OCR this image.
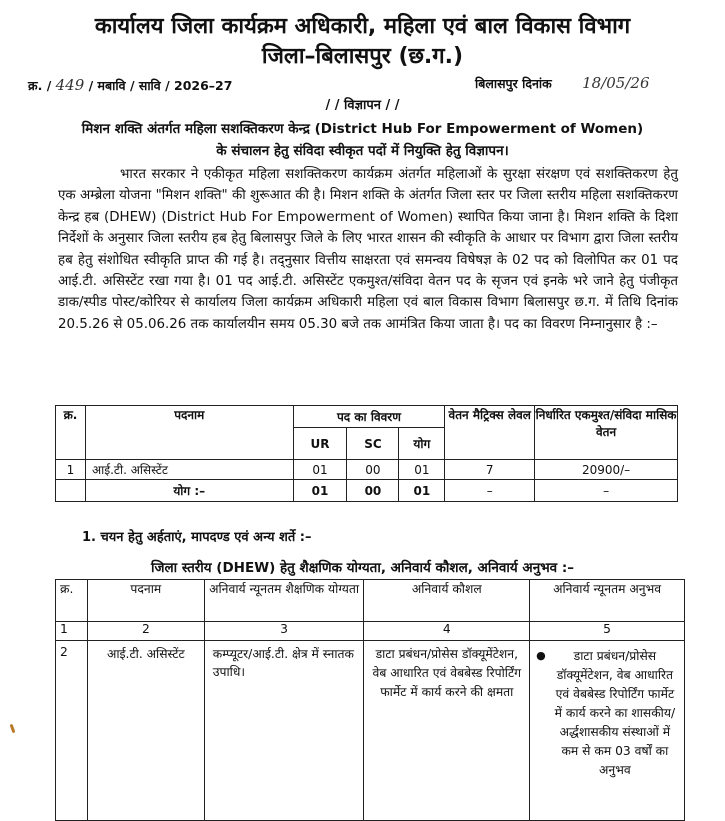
कार्यालय जिला कार्यक्रम अधिकारी, महिला एवं बाल विकास विभाग
जिला–बिलासपुर (छ.ग.)
क्र. / 449 / मबावि / सावि / 2026–27	बिलासपुर दिनांक 18/05/26
/ / विज्ञापन / /
मिशन शक्ति अंतर्गत महिला सशक्तिकरण केन्द्र (District Hub For Empowerment of Women)
के संचालन हेतु संविदा स्वीकृत पदों में नियुक्ति हेतु विज्ञापन।
भारत सरकार ने एकीकृत महिला सशक्तिकरण कार्यक्रम अंतर्गत महिलाओं के सुरक्षा संरक्षण एवं सशक्तिकरण हेतु एक अम्ब्रेला योजना "मिशन शक्ति" की शुरूआत की है। मिशन शक्ति के अंतर्गत जिला स्तर पर जिला स्तरीय महिला सशक्तिकरण केन्द्र हब (DHEW) (District Hub For Empowerment of Women) स्थापित किया जाना है। मिशन शक्ति के दिशा निर्देशों के अनुसार जिला स्तरीय हब हेतु बिलासपुर जिले के लिए भारत शासन की स्वीकृति के आधार पर विभाग द्वारा जिला स्तरीय हब हेतु संशोधित स्वीकृति प्राप्त की गई है। तद्नुसार वित्तीय साक्षरता एवं समन्वय विषेषज्ञ के 02 पद को विलोपित कर 01 पद आई.टी. असिस्टेंट रखा गया है। 01 पद आई.टी. असिस्टेंट एकमुश्त/संविदा वेतन पद के सृजन एवं इनके भरे जाने हेतु पंजीकृत डाक/स्पीड पोस्ट/कोरियर से कार्यालय जिला कार्यक्रम अधिकारी महिला एवं बाल विकास विभाग बिलासपुर छ.ग. में तिथि दिनांक 20.5.26 से 05.06.26 तक कार्यालयीन समय 05.30 बजे तक आमंत्रित किया जाता है। पद का विवरण निम्नानुसार है :–
क्र.	पदनाम	पद का विवरण			वेतन मैट्रिक्स लेवल	निर्धारित एकमुश्त/संविदा मासिक वेतन
		UR	SC	योग		
1	आई.टी. असिस्टेंट	01	00	01	7	20900/–
	योग :–	01	00	01	–	–
1. चयन हेतु अर्हताएं, मापदण्ड एवं अन्य शर्ते :–
जिला स्तरीय (DHEW) हेतु शैक्षणिक योग्यता, अनिवार्य कौशल, अनिवार्य अनुभव :–
क्र.	पदनाम	अनिवार्य न्यूनतम शैक्षणिक योग्यता	अनिवार्य कौशल	अनिवार्य न्यूनतम अनुभव
1	2	3	4	5
2	आई.टी. असिस्टेंट	कम्प्यूटर/आई.टी. क्षेत्र में स्नातक उपाधि।	डाटा प्रबंधन/प्रोसेस डॉक्यूमेंटेशन, वेब आधारित एवं वेबबेस्ड रिपोर्टिंग फार्मेट में कार्य करने की क्षमता	● डाटा प्रबंधन/प्रोसेस डॉक्यूमेंटेशन, वेब आधारित एवं वेबबेस्ड रिपोर्टिंग फार्मेट में कार्य करने का शासकीय/अर्द्धशासकीय संस्थाओं में कम से कम 03 वर्षों का अनुभव
